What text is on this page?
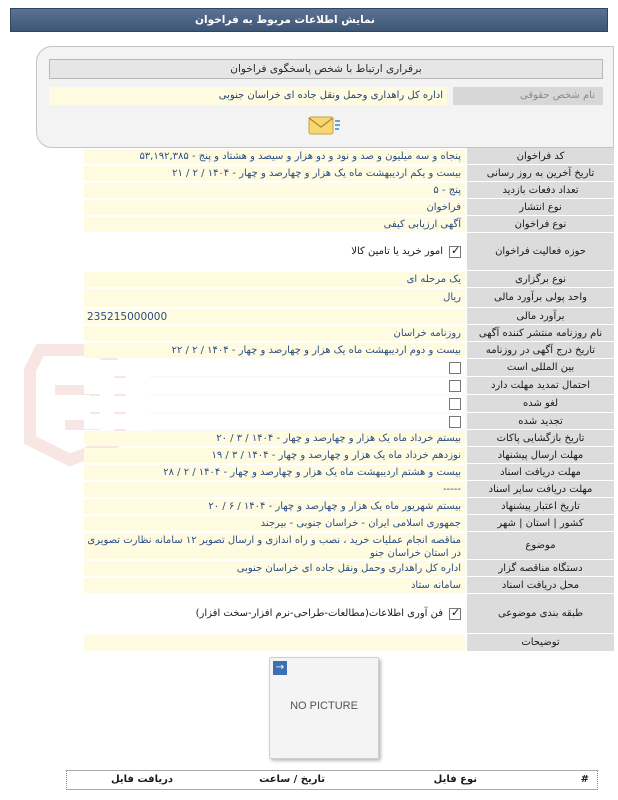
نمایش اطلاعات مربوط به فراخوان
برقراری ارتباط با شخص پاسخگوی فراخوان
نام شخص حقوقی
اداره کل راهداری وحمل ونقل جاده ای خراسان جنوبی
کد فراخوان
۵۳,۱۹۲,۳۸۵ - پنجاه و سه میلیون و صد و نود و دو هزار و سیصد و هشتاد و پنج
تاریخ آخرین به روز رسانی
۲۱ / ۲ / ۱۴۰۴ - بیست و یکم اردیبهشت ماه یک هزار و چهارصد و چهار
تعداد دفعات بازدید
۵ - پنج
نوع انتشار
فراخوان
نوع فراخوان
آگهی ارزیابی کیفی
حوزه فعالیت فراخوان
امور خرید یا تامین کالا
✓
نوع برگزاری
یک مرحله ای
واحد پولی برآورد مالی
ریال
برآورد مالی
235215000000
نام روزنامه منتشر کننده آگهی
روزنامه خراسان
تاریخ درج آگهی در روزنامه
۲۲ / ۲ / ۱۴۰۴ - بیست و دوم اردیبهشت ماه یک هزار و چهارصد و چهار
بین المللی است
احتمال تمدید مهلت دارد
لغو شده
تجدید شده
تاریخ بازگشایی پاکات
۲۰ / ۳ / ۱۴۰۴ - بیستم خرداد ماه یک هزار و چهارصد و چهار
مهلت ارسال پیشنهاد
۱۹ / ۳ / ۱۴۰۴ - نوزدهم خرداد ماه یک هزار و چهارصد و چهار
مهلت دریافت اسناد
۲۸ / ۲ / ۱۴۰۴ - بیست و هشتم اردیبهشت ماه یک هزار و چهارصد و چهار
مهلت دریافت سایر اسناد
-----
تاریخ اعتبار پیشنهاد
۲۰ / ۶ / ۱۴۰۴ - بیستم شهریور ماه یک هزار و چهارصد و چهار
کشور | استان | شهر
جمهوری اسلامی ایران - خراسان جنوبی - بیرجند
موضوع
مناقصه انجام عملیات خرید ، نصب و راه اندازی و ارسال تصویر ۱۲ سامانه نظارت تصویری در استان خراسان جنو
دستگاه مناقصه گزار
اداره کل راهداری وحمل ونقل جاده ای خراسان جنوبی
محل دریافت اسناد
سامانه ستاد
طبقه بندی موضوعی
فن آوری اطلاعات(مطالعات-طراحی-نرم افزار-سخت افزار)
✓
توضیحات
→
NO PICTURE
#
نوع فایل
تاریخ / ساعت
دریافت فایل
